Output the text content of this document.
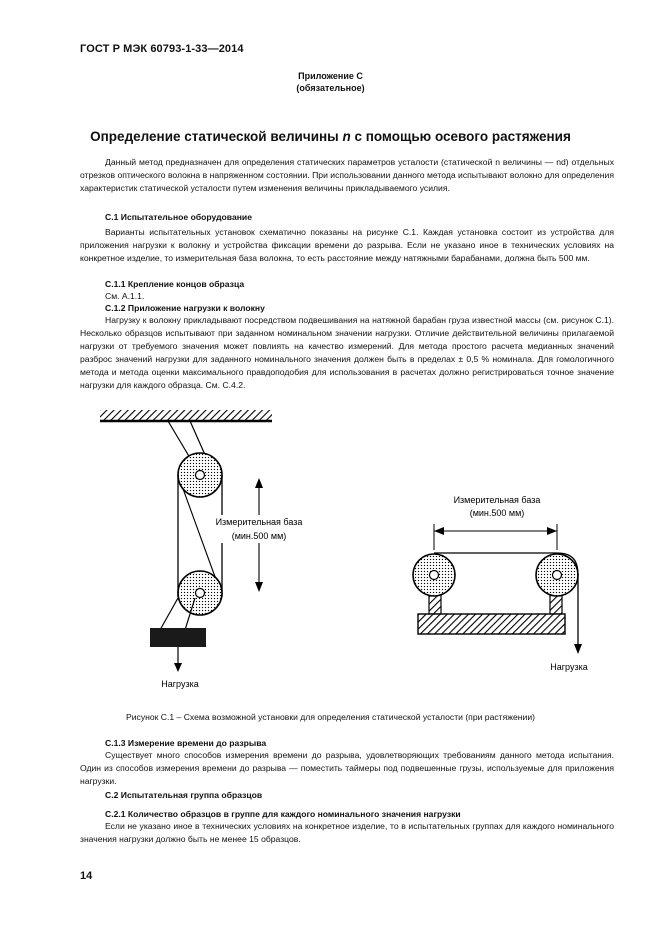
ГОСТ Р МЭК 60793-1-33—2014
Приложение С
(обязательное)
Определение статической величины n с помощью осевого растяжения

Данный метод предназначен для определения статических параметров усталости (статической n величины — nd) отдельных отрезков оптического волокна в напряженном состоянии. При использовании данного метода испытывают волокно для определения характеристик статической усталости путем изменения величины прикладываемого усилия.

С.1 Испытательное оборудование

Варианты испытательных установок схематично показаны на рисунке С.1. Каждая установка состоит из устройства для приложения нагрузки к волокну и устройства фиксации времени до разрыва. Если не указано иное в технических условиях на конкретное изделие, то измерительная база волокна, то есть расстояние между натяжными барабанами, должна быть 500 мм.

С.1.1 Крепление концов образца
См. А.1.1.
С.1.2 Приложение нагрузки к волокну

Нагрузку к волокну прикладывают посредством подвешивания на натяжной барабан груза известной массы (см. рисунок С.1). Несколько образцов испытывают при заданном номинальном значении нагрузки. Отличие действительной величины прилагаемой нагрузки от требуемого значения может повлиять на качество измерений. Для метода простого расчета медианных значений разброс значений нагрузки для заданного номинального значения должен быть в пределах ± 0,5 % номинала. Для гомологичного метода и метода оценки максимального правдоподобия для использования в расчетах должно регистрироваться точное значение нагрузки для каждого образца. См. С.4.2.

Измерительная база
(мин.500 мм)
Нагрузка
Измерительная база
(мин.500 мм)
Нагрузка
Рисунок С.1 – Схема возможной установки для определения статической усталости (при растяжении)
С.1.3 Измерение времени до разрыва

Существует много способов измерения времени до разрыва, удовлетворяющих требованиям данного метода испытания. Один из способов измерения времени до разрыва — поместить таймеры под подвешенные грузы, используемые для приложения нагрузки.

С.2 Испытательная группа образцов
С.2.1 Количество образцов в группе для каждого номинального значения нагрузки

Если не указано иное в технических условиях на конкретное изделие, то в испытательных группах для каждого номинального значения нагрузки должно быть не менее 15 образцов.

14
